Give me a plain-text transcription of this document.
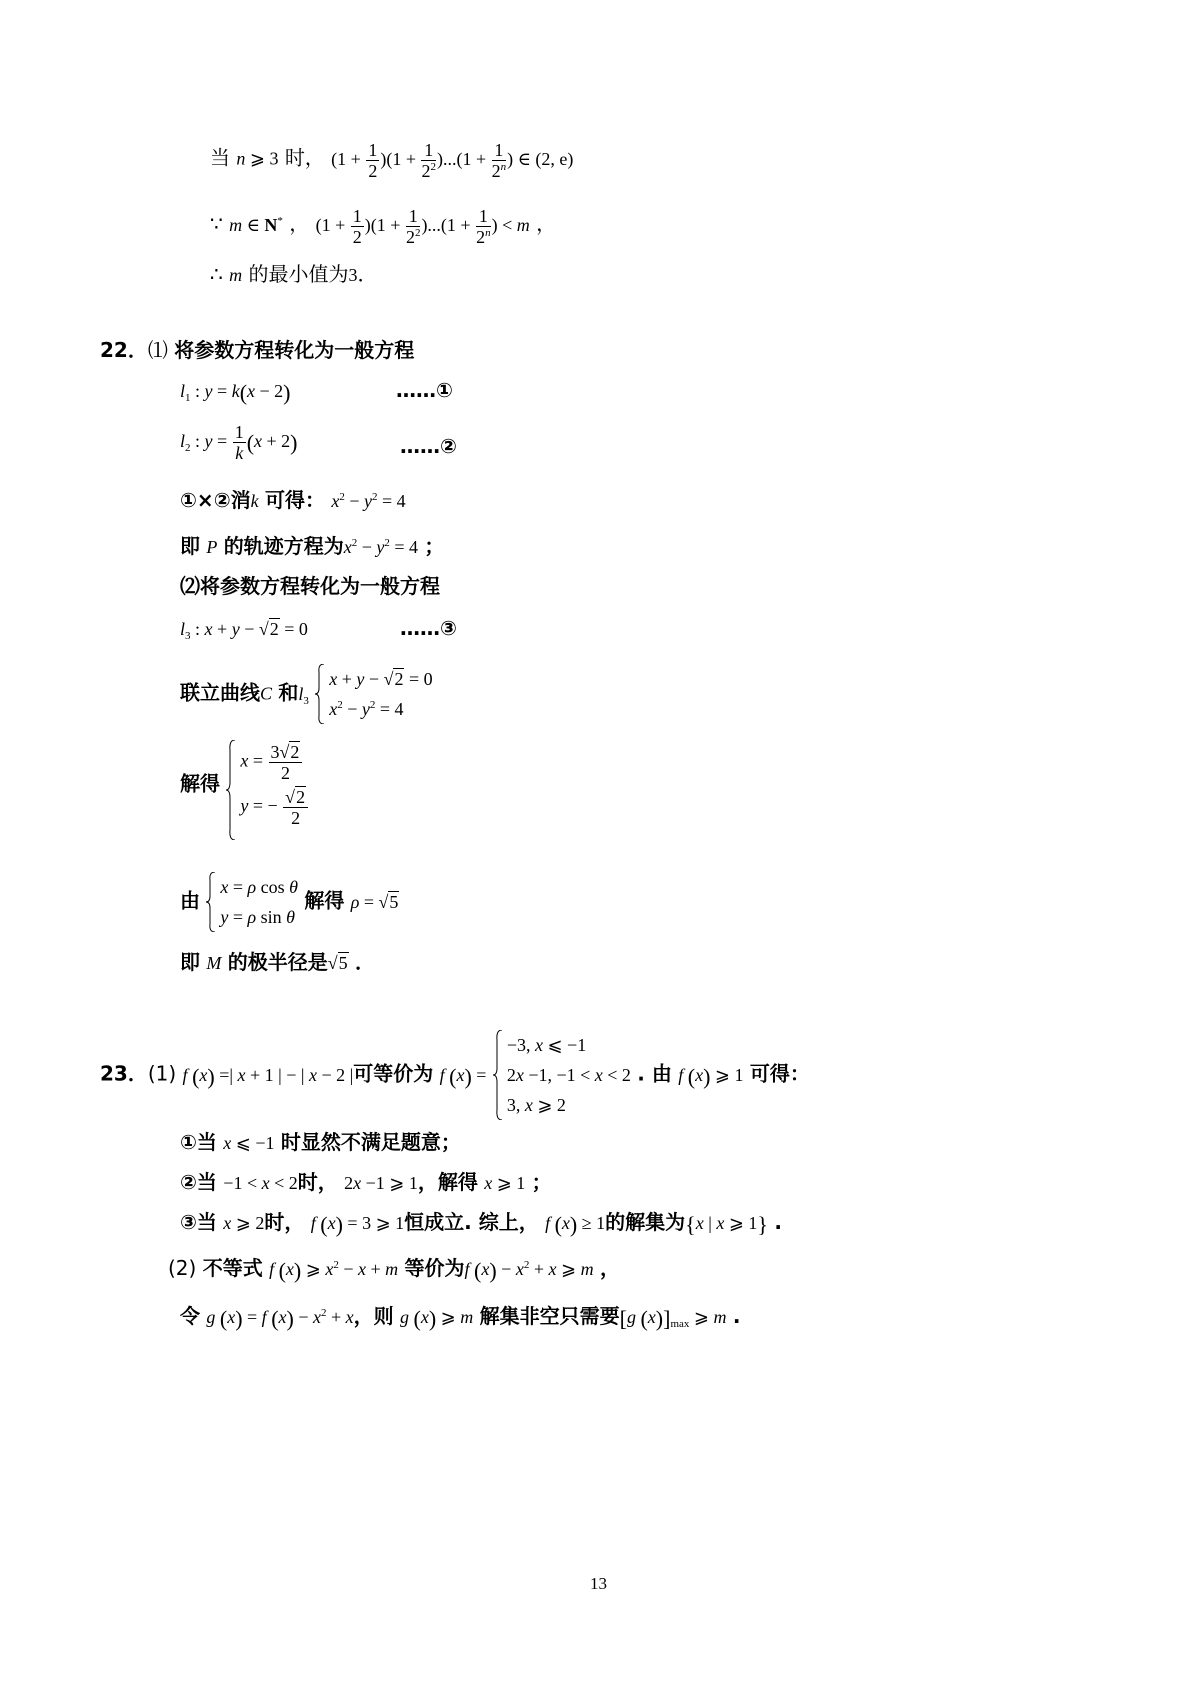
当 n ⩾ 3 时， $(1 + \frac{1}{2} )(1 + \frac{1}{2^2} )...(1 + \frac{1}{2^n}$ ) ∈ (2, e)
∵ m ∈ N* ， $(1 + \frac{1}{2} )(1 + \frac{1}{2^2} )...(1 + \frac{1}{2^n}$ ) < m ，
∴ m 的最小值为3．
22．⑴ 将参数方程转化为一般方程
$l_1$ : y = k(x − 2)	……①
$l_2$ : $y = \frac{1}{k} (x + 2)$	……②
①×②消k 可得： $x^2 - y^2 = 4$
即 P 的轨迹方程为$x^2 - y^2 = 4$ ；
⑵将参数方程转化为一般方程
$l_3$ : x + y − √2 = 0	……③
联立曲线C 和$l_3$
x + y − √2 = 0
$x^2 - y^2 = 4$
解得
$x = \frac{3√2}{2}$
y = − $\frac{√2}{2}$
由
x = ρ cos θ
y = ρ sin θ
解得 ρ = √5
即 M 的极半径是√5 ．
23．(1) f (x) =| x + 1 | − | x − 2 |可等价为 f (x) =
−3, x ⩽ −1
2x −1, −1 < x < 2
3, x ⩾ 2
. 由 f (x) ⩾ 1 可得：
①当 x ⩽ −1 时显然不满足题意；
②当 −1 < x < 2时， 2x −1 ⩾ 1，解得 x ⩾ 1 ；
③当 x ⩾ 2时， f (x) = 3 ⩾ 1恒成立. 综上， f (x) ≥ 1的解集为{x | x ⩾ 1} .
(2) 不等式 f (x) ⩾ $x^2 - x + m$ 等价为f $(x) - x^2 + x$ ⩾ m ，
令 g (x) = f $(x) - x^2 + x$，则 g (x) ⩾ m 解集非空只需要[g $(x)]_{max}$ ⩾ m .
13
